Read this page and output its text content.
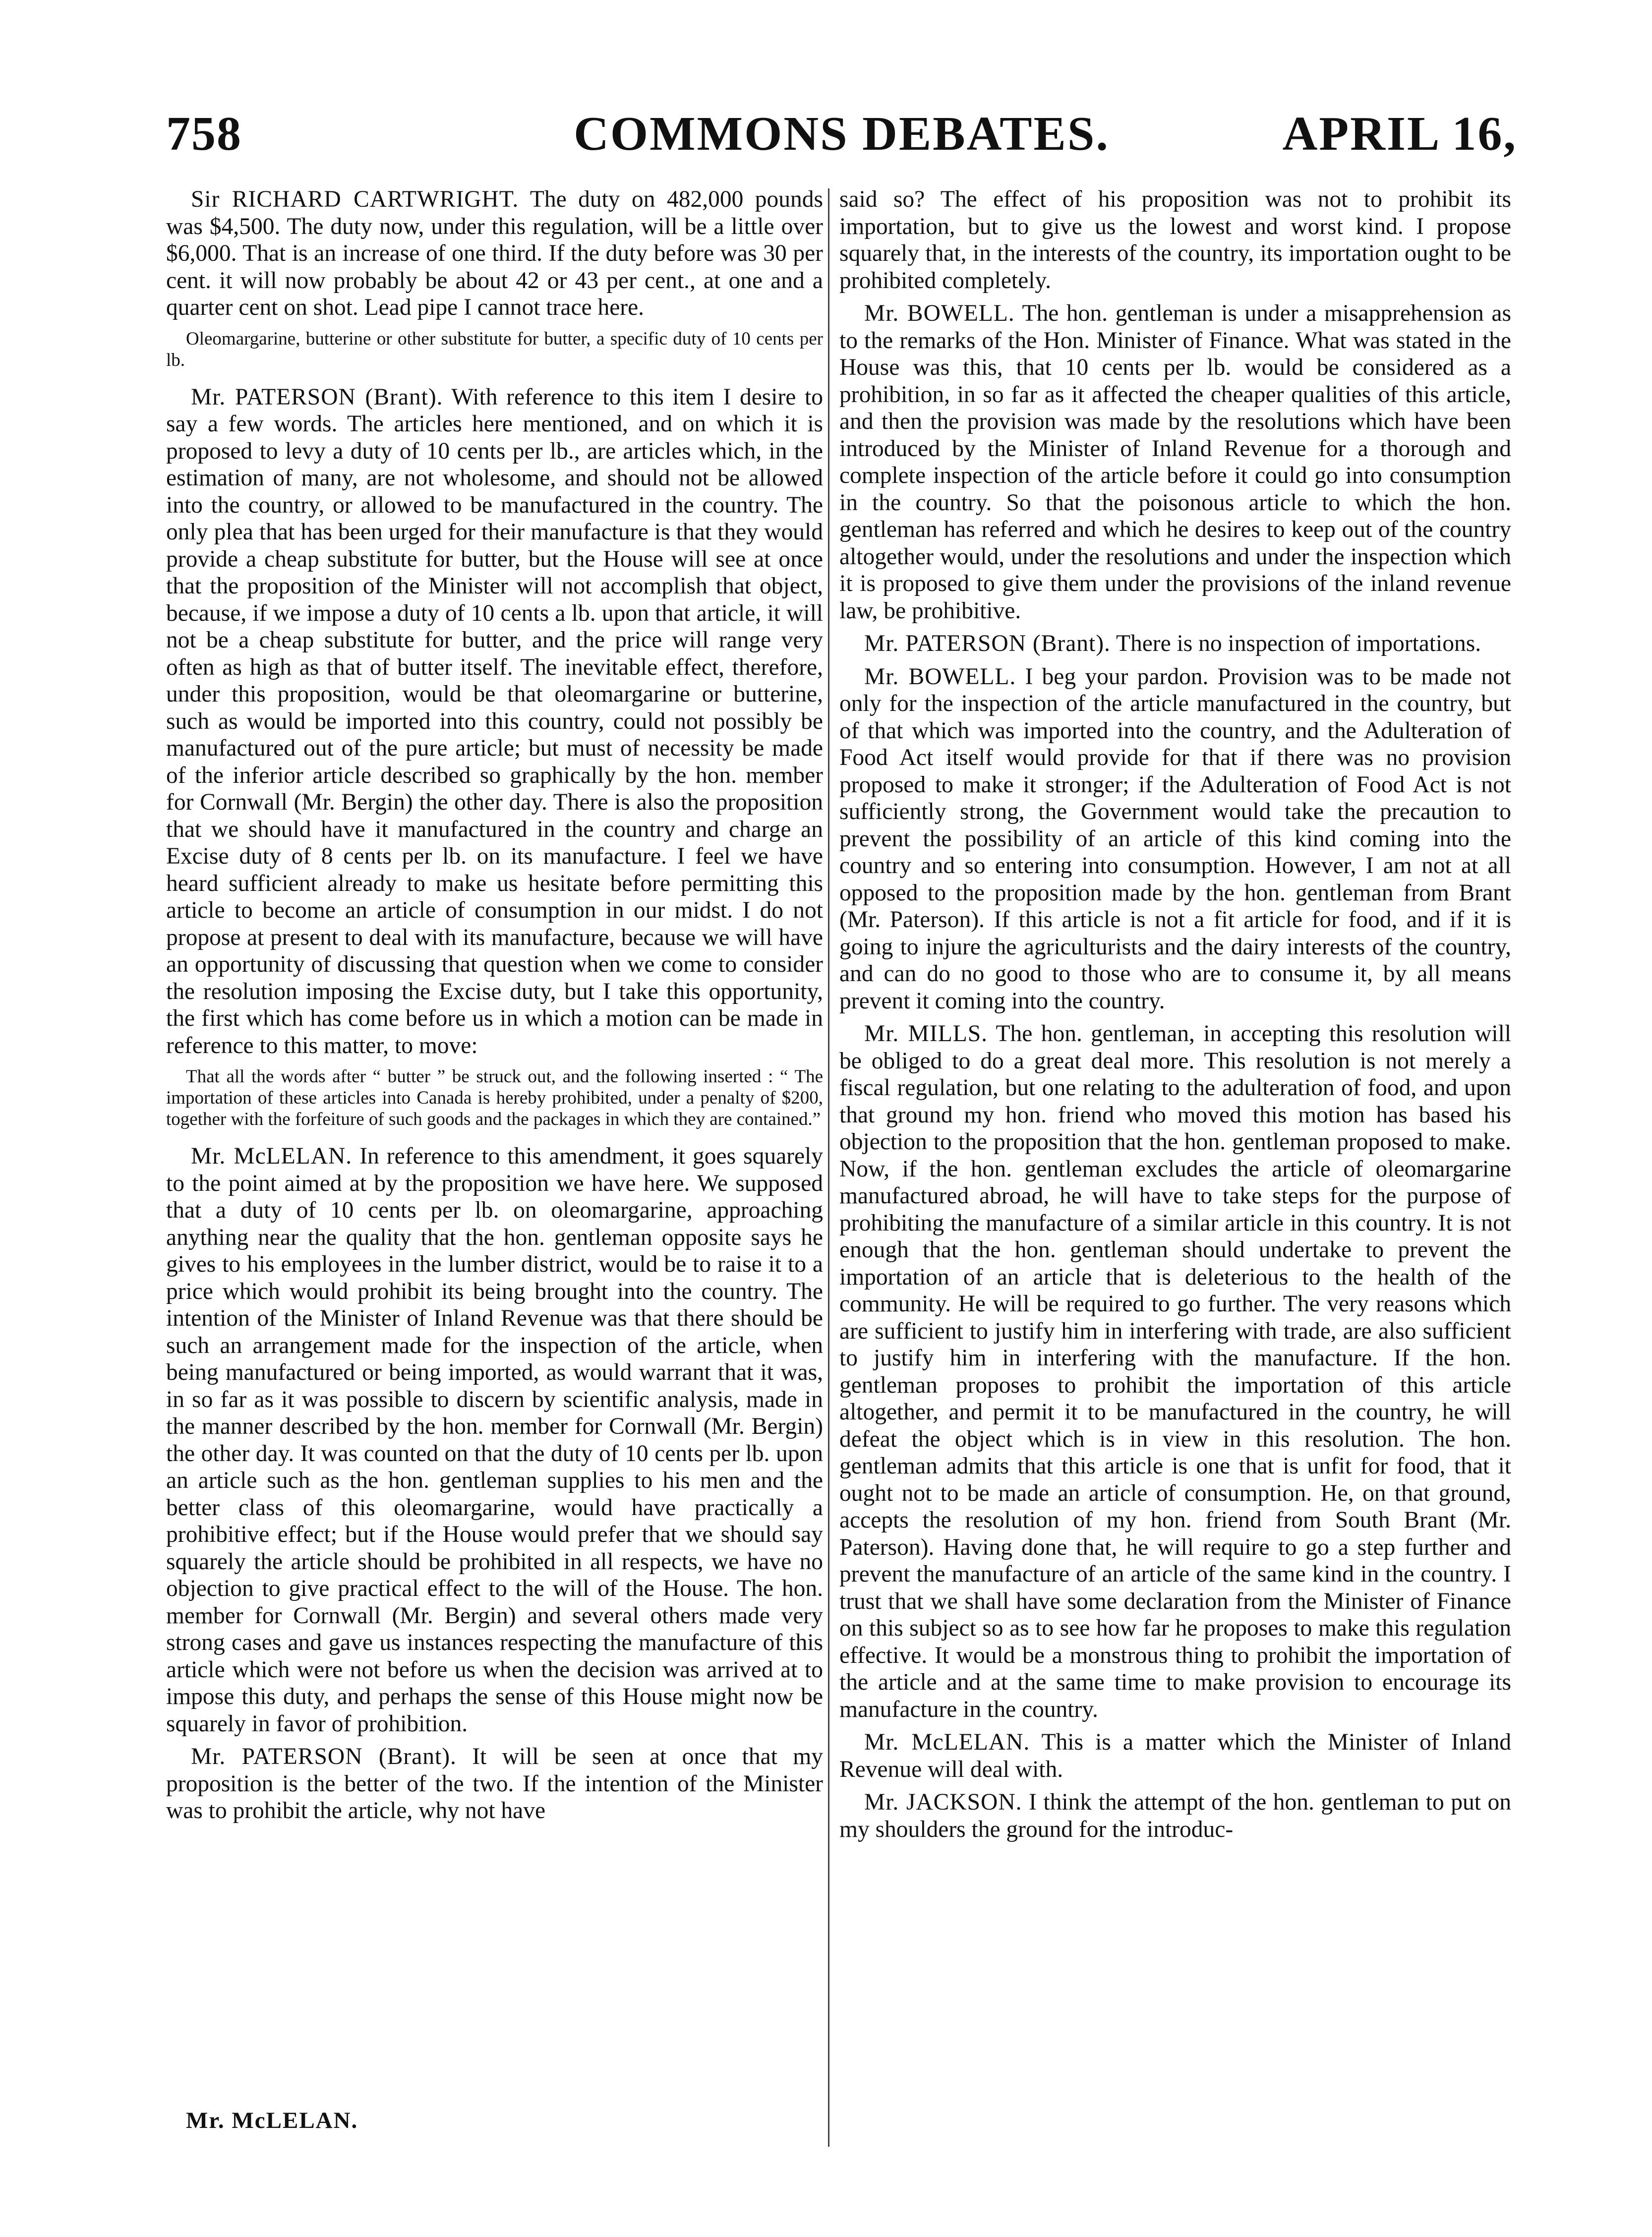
758	COMMONS DEBATES.	APRIL 16,

Sir RICHARD CARTWRIGHT. The duty on 482,000 pounds was $4,500. The duty now, under this regulation, will be a little over $6,000. That is an increase of one third. If the duty before was 30 per cent. it will now probably be about 42 or 43 per cent., at one and a quarter cent on shot. Lead pipe I cannot trace here.

Oleomargarine, butterine or other substitute for butter, a specific duty of 10 cents per lb.

Mr. PATERSON (Brant). With reference to this item I desire to say a few words. The articles here mentioned, and on which it is proposed to levy a duty of 10 cents per lb., are articles which, in the estimation of many, are not wholesome, and should not be allowed into the country, or allowed to be manufactured in the country. The only plea that has been urged for their manufacture is that they would provide a cheap substitute for butter, but the House will see at once that the proposition of the Minister will not accomplish that object, because, if we impose a duty of 10 cents a lb. upon that article, it will not be a cheap substitute for butter, and the price will range very often as high as that of butter itself. The inevitable effect, therefore, under this proposition, would be that oleomargarine or butterine, such as would be imported into this country, could not possibly be manufactured out of the pure article; but must of necessity be made of the inferior article described so graphically by the hon. member for Cornwall (Mr. Bergin) the other day. There is also the proposition that we should have it manufactured in the country and charge an Excise duty of 8 cents per lb. on its manufacture. I feel we have heard sufficient already to make us hesitate before permitting this article to become an article of consumption in our midst. I do not propose at present to deal with its manufacture, because we will have an opportunity of discussing that question when we come to consider the resolution imposing the Excise duty, but I take this opportunity, the first which has come before us in which a motion can be made in reference to this matter, to move:

That all the words after “ butter ” be struck out, and the following inserted : “ The importation of these articles into Canada is hereby prohibited, under a penalty of $200, together with the forfeiture of such goods and the packages in which they are contained.”

Mr. McLELAN. In reference to this amendment, it goes squarely to the point aimed at by the proposition we have here. We supposed that a duty of 10 cents per lb. on oleomargarine, approaching anything near the quality that the hon. gentleman opposite says he gives to his employees in the lumber district, would be to raise it to a price which would prohibit its being brought into the country. The intention of the Minister of Inland Revenue was that there should be such an arrangement made for the inspection of the article, when being manufactured or being imported, as would warrant that it was, in so far as it was possible to discern by scientific analysis, made in the manner described by the hon. member for Cornwall (Mr. Bergin) the other day. It was counted on that the duty of 10 cents per lb. upon an article such as the hon. gentleman supplies to his men and the better class of this oleomargarine, would have practically a prohibitive effect; but if the House would prefer that we should say squarely the article should be prohibited in all respects, we have no objection to give practical effect to the will of the House. The hon. member for Cornwall (Mr. Bergin) and several others made very strong cases and gave us instances respecting the manufacture of this article which were not before us when the decision was arrived at to impose this duty, and perhaps the sense of this House might now be squarely in favor of prohibition.

Mr. PATERSON (Brant). It will be seen at once that my proposition is the better of the two. If the intention of the Minister was to prohibit the article, why not have

said so? The effect of his proposition was not to prohibit its importation, but to give us the lowest and worst kind. I propose squarely that, in the interests of the country, its importation ought to be prohibited completely.

Mr. BOWELL. The hon. gentleman is under a misapprehension as to the remarks of the Hon. Minister of Finance. What was stated in the House was this, that 10 cents per lb. would be considered as a prohibition, in so far as it affected the cheaper qualities of this article, and then the provision was made by the resolutions which have been introduced by the Minister of Inland Revenue for a thorough and complete inspection of the article before it could go into consumption in the country. So that the poisonous article to which the hon. gentleman has referred and which he desires to keep out of the country altogether would, under the resolutions and under the inspection which it is proposed to give them under the provisions of the inland revenue law, be prohibitive.

Mr. PATERSON (Brant). There is no inspection of importations.

Mr. BOWELL. I beg your pardon. Provision was to be made not only for the inspection of the article manufactured in the country, but of that which was imported into the country, and the Adulteration of Food Act itself would provide for that if there was no provision proposed to make it stronger; if the Adulteration of Food Act is not sufficiently strong, the Government would take the precaution to prevent the possibility of an article of this kind coming into the country and so entering into consumption. However, I am not at all opposed to the proposition made by the hon. gentleman from Brant (Mr. Paterson). If this article is not a fit article for food, and if it is going to injure the agriculturists and the dairy interests of the country, and can do no good to those who are to consume it, by all means prevent it coming into the country.

Mr. MILLS. The hon. gentleman, in accepting this resolution will be obliged to do a great deal more. This resolution is not merely a fiscal regulation, but one relating to the adulteration of food, and upon that ground my hon. friend who moved this motion has based his objection to the proposition that the hon. gentleman proposed to make. Now, if the hon. gentleman excludes the article of oleomargarine manufactured abroad, he will have to take steps for the purpose of prohibiting the manufacture of a similar article in this country. It is not enough that the hon. gentleman should undertake to prevent the importation of an article that is deleterious to the health of the community. He will be required to go further. The very reasons which are sufficient to justify him in interfering with trade, are also sufficient to justify him in interfering with the manufacture. If the hon. gentleman proposes to prohibit the importation of this article altogether, and permit it to be manufactured in the country, he will defeat the object which is in view in this resolution. The hon. gentleman admits that this article is one that is unfit for food, that it ought not to be made an article of consumption. He, on that ground, accepts the resolution of my hon. friend from South Brant (Mr. Paterson). Having done that, he will require to go a step further and prevent the manufacture of an article of the same kind in the country. I trust that we shall have some declaration from the Minister of Finance on this subject so as to see how far he proposes to make this regulation effective. It would be a monstrous thing to prohibit the importation of the article and at the same time to make provision to encourage its manufacture in the country.

Mr. McLELAN. This is a matter which the Minister of Inland Revenue will deal with.

Mr. JACKSON. I think the attempt of the hon. gentleman to put on my shoulders the ground for the introduc-

Mr. McLELAN.
